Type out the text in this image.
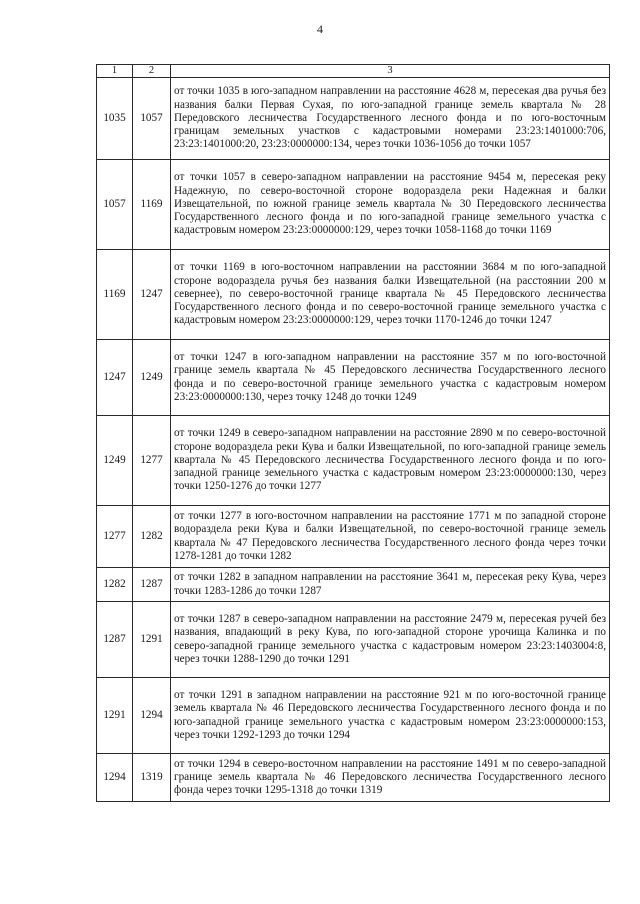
4
1	2	3
1035	1057	от точки 1035 в юго-западном направлении на расстояние 4628 м, пересекая два ручья без названия балки Первая Сухая, по юго-западной границе земель квартала № 28 Передовского лесничества Государственного лесного фонда и по юго-восточным границам земельных участков с кадастровыми номерами 23:23:1401000:706, 23:23:1401000:20, 23:23:0000000:134, через точки 1036-1056 до точки 1057
1057	1169	от точки 1057 в северо-западном направлении на расстояние 9454 м, пересекая реку Надежную, по северо-восточной стороне водораздела реки Надежная и балки Извещательной, по южной границе земель квартала № 30 Передовского лесничества Государственного лесного фонда и по юго-западной границе земельного участка с кадастровым номером 23:23:0000000:129, через точки 1058-1168 до точки 1169
1169	1247	от точки 1169 в юго-восточном направлении на расстоянии 3684 м по юго-западной стороне водораздела ручья без названия балки Извещательной (на расстоянии 200 м севернее), по северо-восточной границе квартала № 45 Передовского лесничества Государственного лесного фонда и по северо-восточной границе земельного участка с кадастровым номером 23:23:0000000:129, через точки 1170-1246 до точки 1247
1247	1249	от точки 1247 в юго-западном направлении на расстояние 357 м по юго-восточной границе земель квартала № 45 Передовского лесничества Государственного лесного фонда и по северо-восточной границе земельного участка с кадастровым номером 23:23:0000000:130, через точку 1248 до точки 1249
1249	1277	от точки 1249 в северо-западном направлении на расстояние 2890 м по северо-восточной стороне водораздела реки Кува и балки Извещательной, по юго-западной границе земель квартала № 45 Передовского лесничества Государственного лесного фонда и по юго-западной границе земельного участка с кадастровым номером 23:23:0000000:130, через точки 1250-1276 до точки 1277
1277	1282	от точки 1277 в юго-восточном направлении на расстояние 1771 м по западной стороне водораздела реки Кува и балки Извещательной, по северо-восточной границе земель квартала № 47 Передовского лесничества Государственного лесного фонда через точки 1278-1281 до точки 1282
1282	1287	от точки 1282 в западном направлении на расстояние 3641 м, пересекая реку Кува, через точки 1283-1286 до точки 1287
1287	1291	от точки 1287 в северо-западном направлении на расстояние 2479 м, пересекая ручей без названия, впадающий в реку Кува, по юго-западной стороне урочища Калинка и по северо-западной границе земельного участка с кадастровым номером 23:23:1403004:8, через точки 1288-1290 до точки 1291
1291	1294	от точки 1291 в западном направлении на расстояние 921 м по юго-восточной границе земель квартала № 46 Передовского лесничества Государственного лесного фонда и по юго-западной границе земельного участка с кадастровым номером 23:23:0000000:153, через точки 1292-1293 до точки 1294
1294	1319	от точки 1294 в северо-восточном направлении на расстояние 1491 м по северо-западной границе земель квартала № 46 Передовского лесничества Государственного лесного фонда через точки 1295-1318 до точки 1319
